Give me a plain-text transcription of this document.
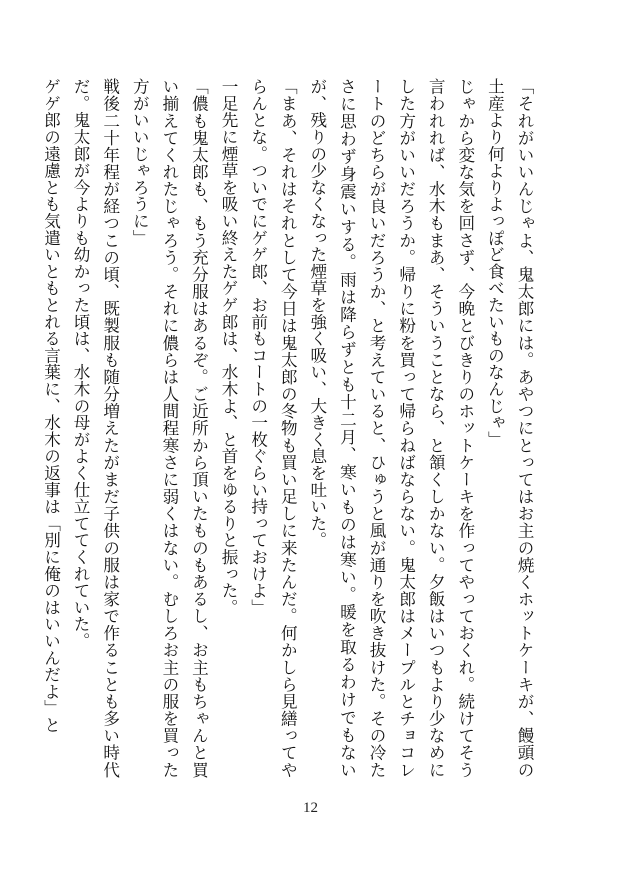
「それがいいんじゃよ、鬼太郎には。あやつにとってはお主の焼くホットケーキが、饅頭の土産より何よりよっぽど食べたいものなんじゃ」

じゃから変な気を回さず、今晩とびきりのホットケーキを作ってやっておくれ。続けてそう言われれば、水木もまあ、そういうことなら、と頷くしかない。夕飯はいつもより少なめにした方がいいだろうか。帰りに粉を買って帰らねばならない。鬼太郎はメープルとチョコレートのどちらが良いだろうか、と考えていると、ひゅうと風が通りを吹き抜けた。その冷たさに思わず身震いする。雨は降らずとも十二月、寒いものは寒い。暖を取るわけでもないが、残りの少なくなった煙草を強く吸い、大きく息を吐いた。

「まあ、それはそれとして今日は鬼太郎の冬物も買い足しに来たんだ。何かしら見繕ってやらんとな。ついでにゲゲ郎、お前もコートの一枚ぐらい持っておけよ」

一足先に煙草を吸い終えたゲゲ郎は、水木よ、と首をゆるりと振った。

「儂も鬼太郎も、もう充分服はあるぞ。ご近所から頂いたものもあるし、お主もちゃんと買い揃えてくれたじゃろう。それに儂らは人間程寒さに弱くはない。むしろお主の服を買った方がいいじゃろうに」

戦後二十年程が経つこの頃、既製服も随分増えたがまだ子供の服は家で作ることも多い時代だ。鬼太郎が今よりも幼かった頃は、水木の母がよく仕立ててくれていた。

ゲゲ郎の遠慮とも気遣いともとれる言葉に、水木の返事は「別に俺のはいいんだよ」と

12
